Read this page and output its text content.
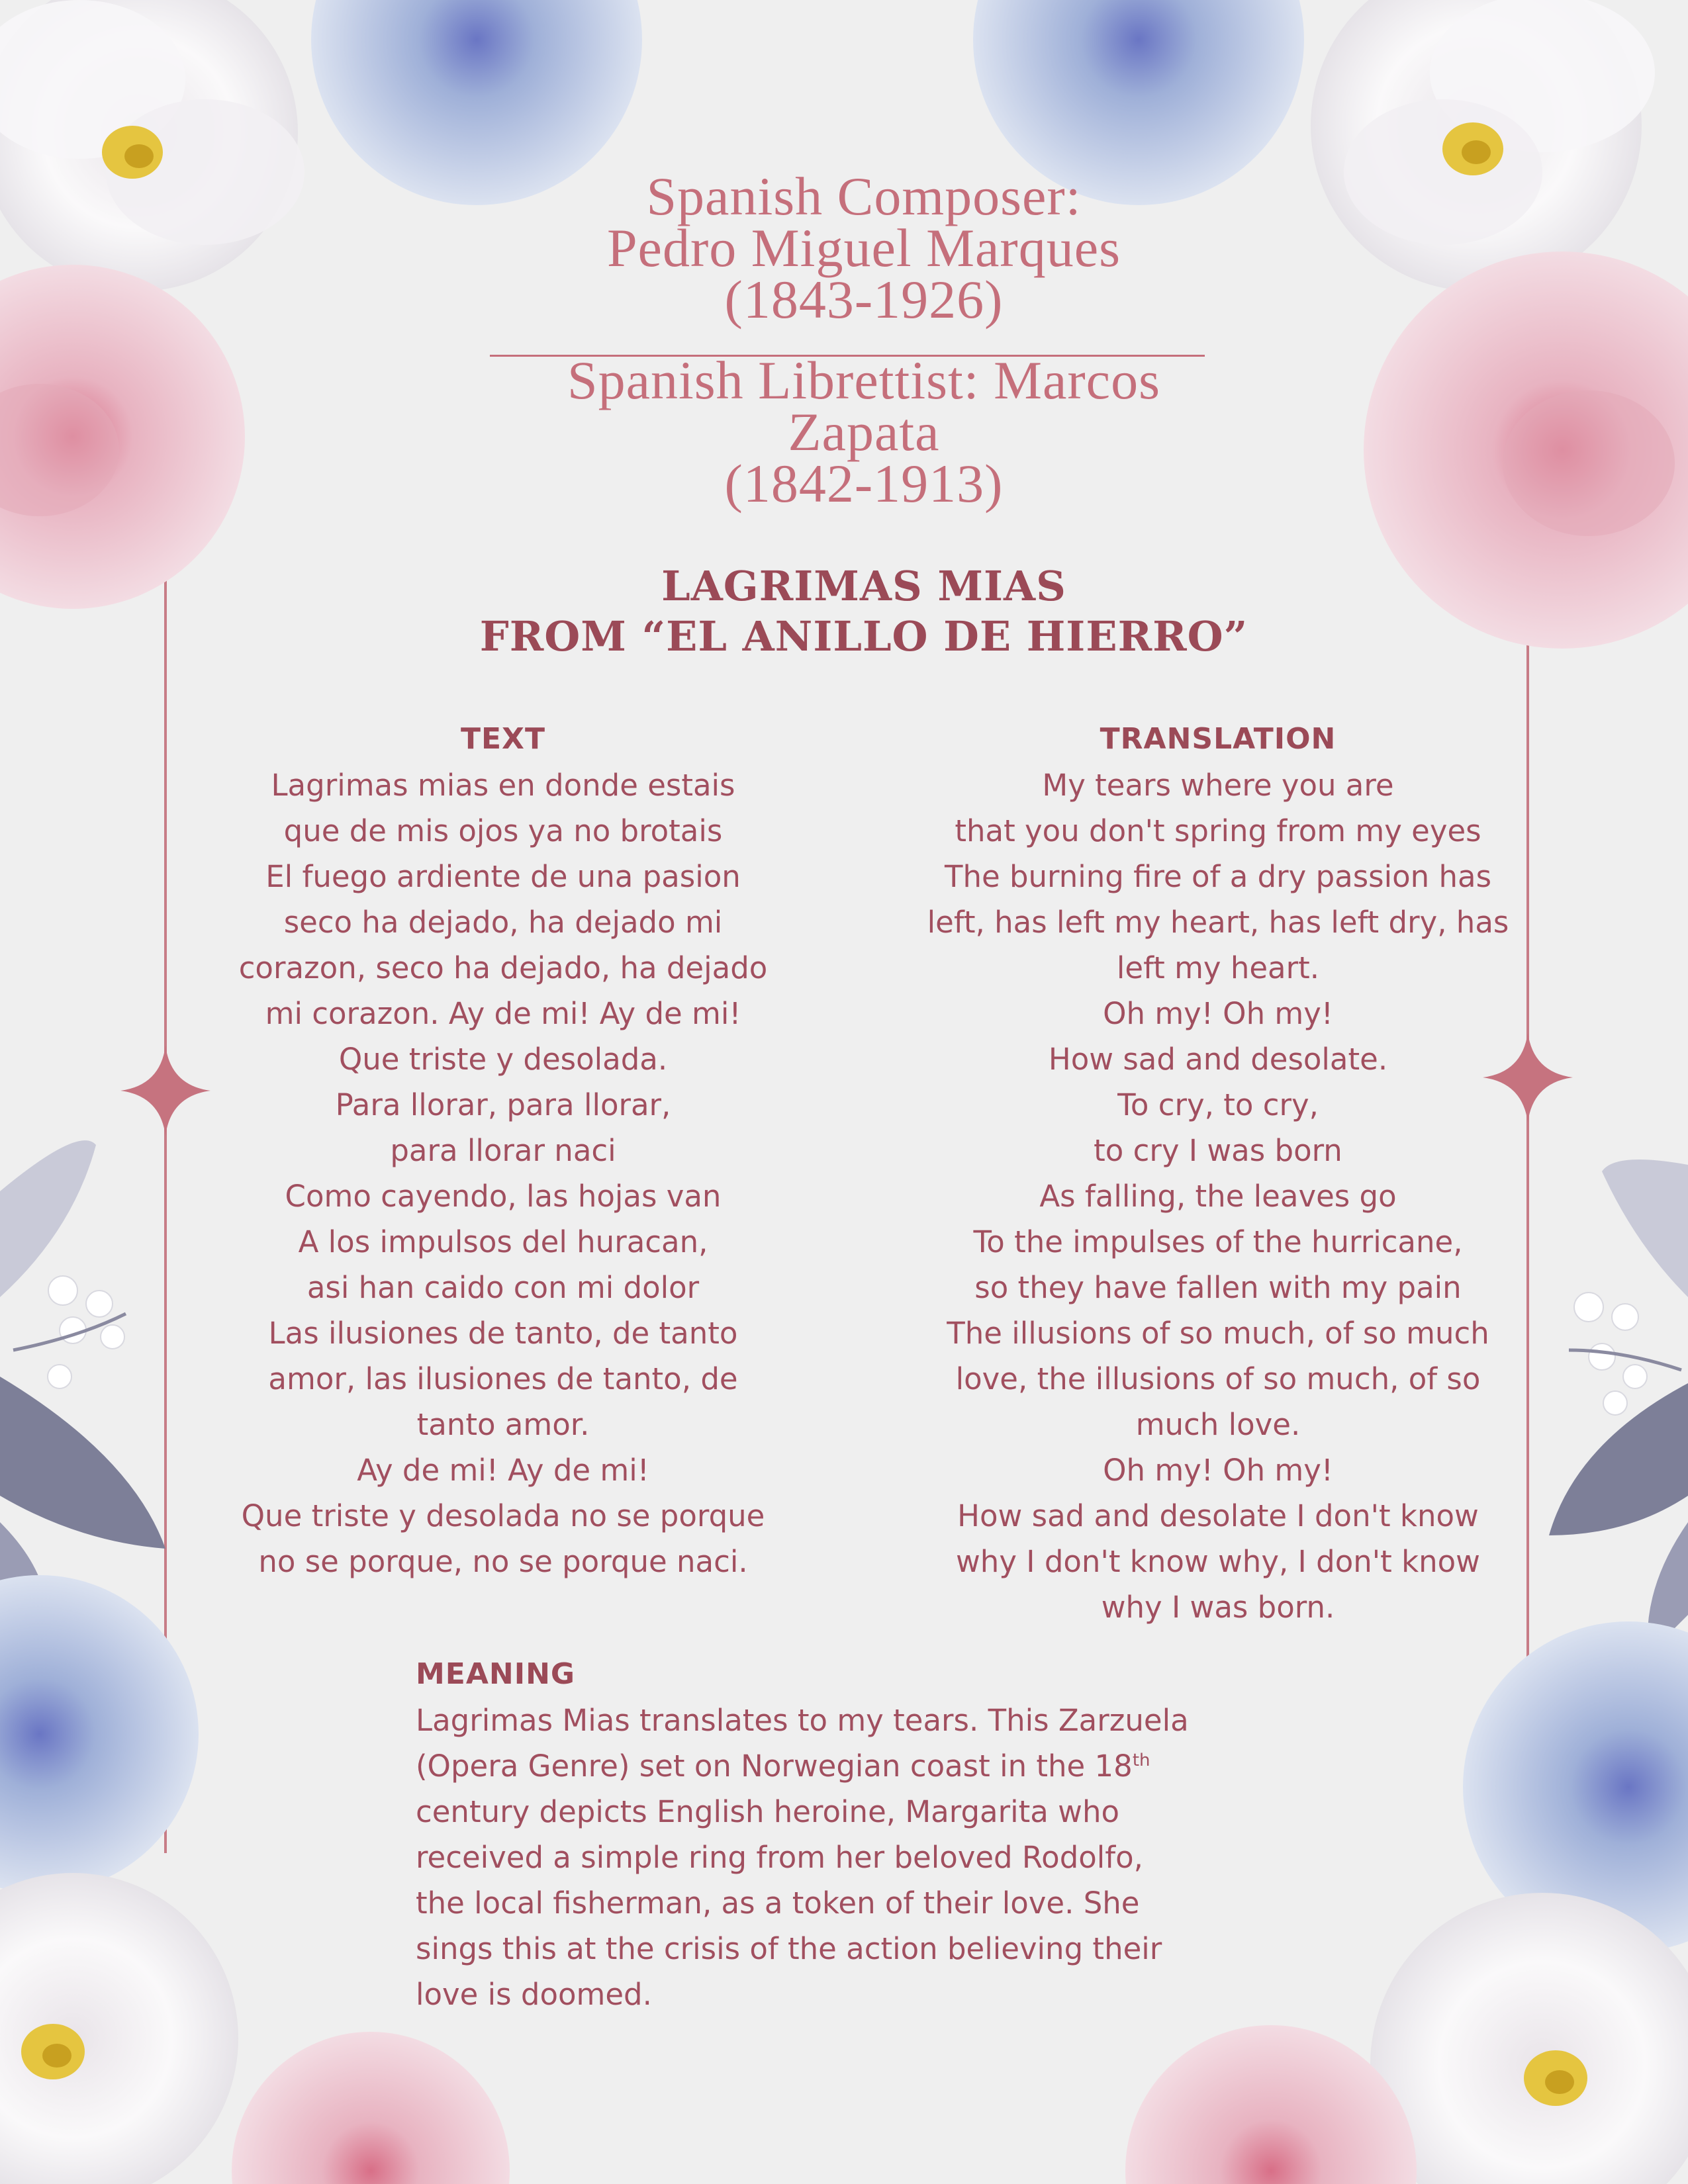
Spanish Composer:
Pedro Miguel Marques
(1843-1926)
Spanish Librettist: Marcos
Zapata
(1842-1913)
LAGRIMAS MIAS
FROM “EL ANILLO DE HIERRO”
TEXT
Lagrimas mias en donde estais
que de mis ojos ya no brotais
El fuego ardiente de una pasion
seco ha dejado, ha dejado mi
corazon, seco ha dejado, ha dejado
mi corazon. Ay de mi! Ay de mi!
Que triste y desolada.
Para llorar, para llorar,
para llorar naci
Como cayendo, las hojas van
A los impulsos del huracan,
asi han caido con mi dolor
Las ilusiones de tanto, de tanto
amor, las ilusiones de tanto, de
tanto amor.
Ay de mi! Ay de mi!
Que triste y desolada no se porque
no se porque, no se porque naci.
TRANSLATION
My tears where you are
that you don't spring from my eyes
The burning fire of a dry passion has
left, has left my heart, has left dry, has
left my heart.
Oh my! Oh my!
How sad and desolate.
To cry, to cry,
to cry I was born
As falling, the leaves go
To the impulses of the hurricane,
so they have fallen with my pain
The illusions of so much, of so much
love, the illusions of so much, of so
much love.
Oh my! Oh my!
How sad and desolate I don't know
why I don't know why, I don't know
why I was born.
MEANING
Lagrimas Mias translates to my tears. This Zarzuela
(Opera Genre) set on Norwegian coast in the 18th
century depicts English heroine, Margarita who
received a simple ring from her beloved Rodolfo,
the local fisherman, as a token of their love. She
sings this at the crisis of the action believing their
love is doomed.
